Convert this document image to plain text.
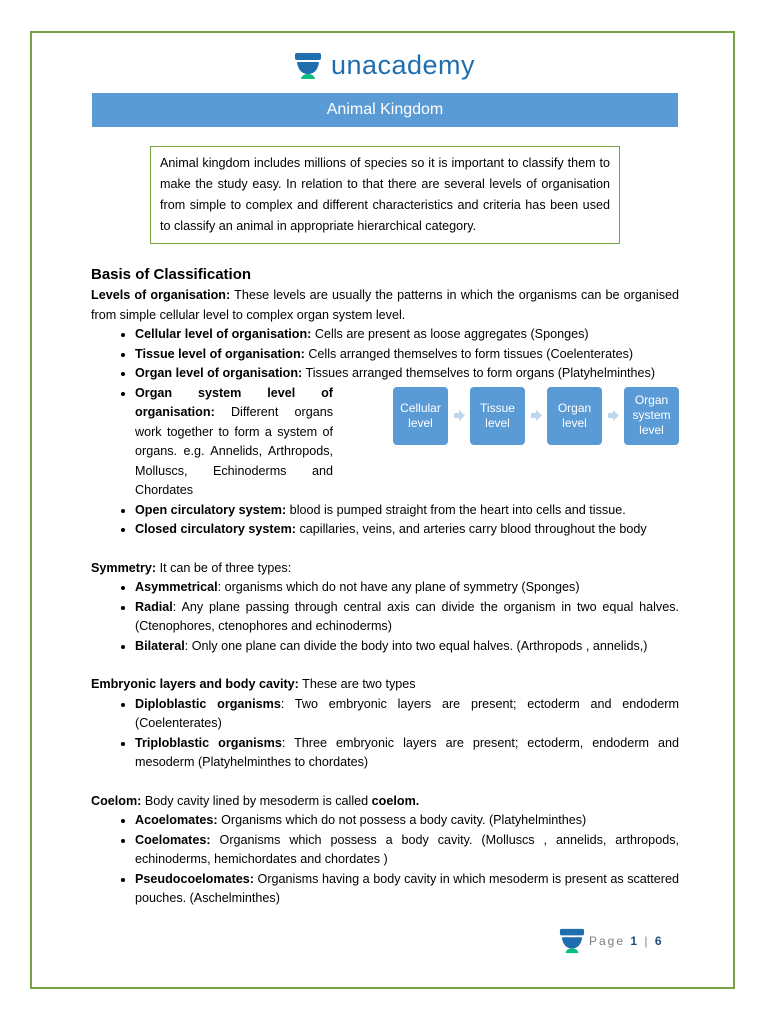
unacademy
Animal Kingdom
Animal kingdom includes millions of species so it is important to classify them to make the study easy. In relation to that there are several levels of organisation from simple to complex and different characteristics and criteria has been used to classify an animal in appropriate hierarchical category.
Basis of Classification

Levels of organisation: These levels are usually the patterns in which the organisms can be organised from simple cellular level to complex organ system level.

• Cellular level of organisation: Cells are present as loose aggregates (Sponges)
• Tissue level of organisation: Cells arranged themselves to form tissues (Coelenterates)
• Organ level of organisation: Tissues arranged themselves to form organs (Platyhelminthes)
• Organ system level of organisation: Different organs work together to form a system of organs. e.g. Annelids, Arthropods, Molluscs, Echinoderms and Chordates
Cellular level
Tissue level
Organ level
Organ system level
• Open circulatory system: blood is pumped straight from the heart into cells and tissue.
• Closed circulatory system: capillaries, veins, and arteries carry blood throughout the body

Symmetry: It can be of three types:

• Asymmetrical: organisms which do not have any plane of symmetry (Sponges)
• Radial: Any plane passing through central axis can divide the organism in two equal halves. (Ctenophores, ctenophores and echinoderms)
• Bilateral: Only one plane can divide the body into two equal halves. (Arthropods , annelids,)

Embryonic layers and body cavity: These are two types

• Diploblastic organisms: Two embryonic layers are present; ectoderm and endoderm (Coelenterates)
• Triploblastic organisms: Three embryonic layers are present; ectoderm, endoderm and mesoderm (Platyhelminthes to chordates)

Coelom: Body cavity lined by mesoderm is called coelom.

• Acoelomates: Organisms which do not possess a body cavity. (Platyhelminthes)
• Coelomates: Organisms which possess a body cavity. (Molluscs , annelids, arthropods, echinoderms, hemichordates and chordates )
• Pseudocoelomates: Organisms having a body cavity in which mesoderm is present as scattered pouches. (Aschelminthes)
Page 1 | 6
